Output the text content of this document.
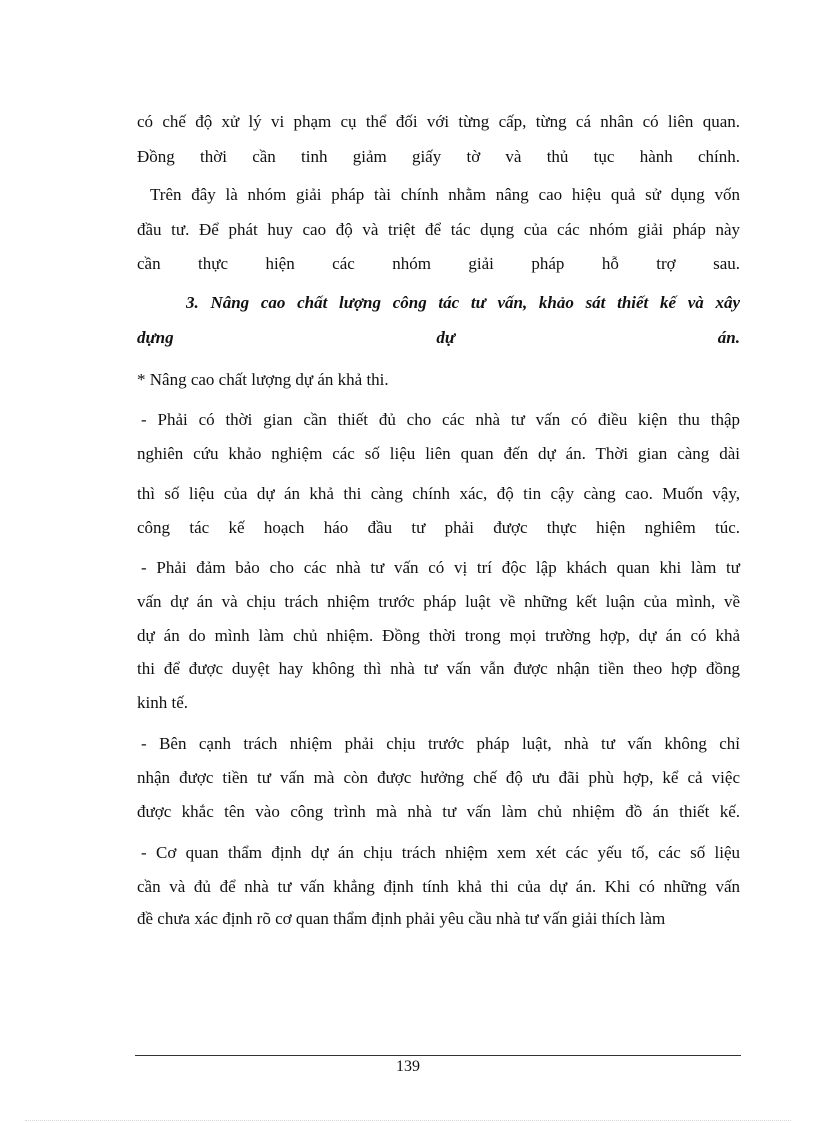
có chế độ xử lý vi phạm cụ thể đối với từng cấp, từng cá nhân có liên quan.
Đồng thời cần tinh giảm giấy tờ và thủ tục hành chính.
Trên đây là nhóm giải pháp tài chính nhằm nâng cao hiệu quả sử dụng vốn
đầu tư. Để phát huy cao độ và triệt để tác dụng của các nhóm giải pháp này
cần thực hiện các nhóm giải pháp hỗ trợ sau.
3. Nâng cao chất lượng công tác tư vấn, khảo sát thiết kế và xây
dựng dự án.
* Nâng cao chất lượng dự án khả thi.
- Phải có thời gian cần thiết đủ cho các nhà tư vấn có điều kiện thu thập
nghiên cứu khảo nghiệm các số liệu liên quan đến dự án. Thời gian càng dài
thì số liệu của dự án khả thi càng chính xác, độ tin cậy càng cao. Muốn vậy,
công tác kế hoạch háo đầu tư phải được thực hiện nghiêm túc.
- Phải đảm bảo cho các nhà tư vấn có vị trí độc lập khách quan khi làm tư
vấn dự án và chịu trách nhiệm trước pháp luật về những kết luận của mình, về
dự án do mình làm chủ nhiệm. Đồng thời trong mọi trường hợp, dự án có khả
thi để được duyệt hay không thì nhà tư vấn vẫn được nhận tiền theo hợp đồng
kinh tế.
- Bên cạnh trách nhiệm phải chịu trước pháp luật, nhà tư vấn không chỉ
nhận được tiền tư vấn mà còn được hưởng chế độ ưu đãi phù hợp, kể cả việc
được khắc tên vào công trình mà nhà tư vấn làm chủ nhiệm đồ án thiết kế.
- Cơ quan thẩm định dự án chịu trách nhiệm xem xét các yếu tố, các số liệu
cần và đủ để nhà tư vấn khẳng định tính khả thi của dự án. Khi có những vấn
đề chưa xác định rõ cơ quan thẩm định phải yêu cầu nhà tư vấn giải thích làm
139
